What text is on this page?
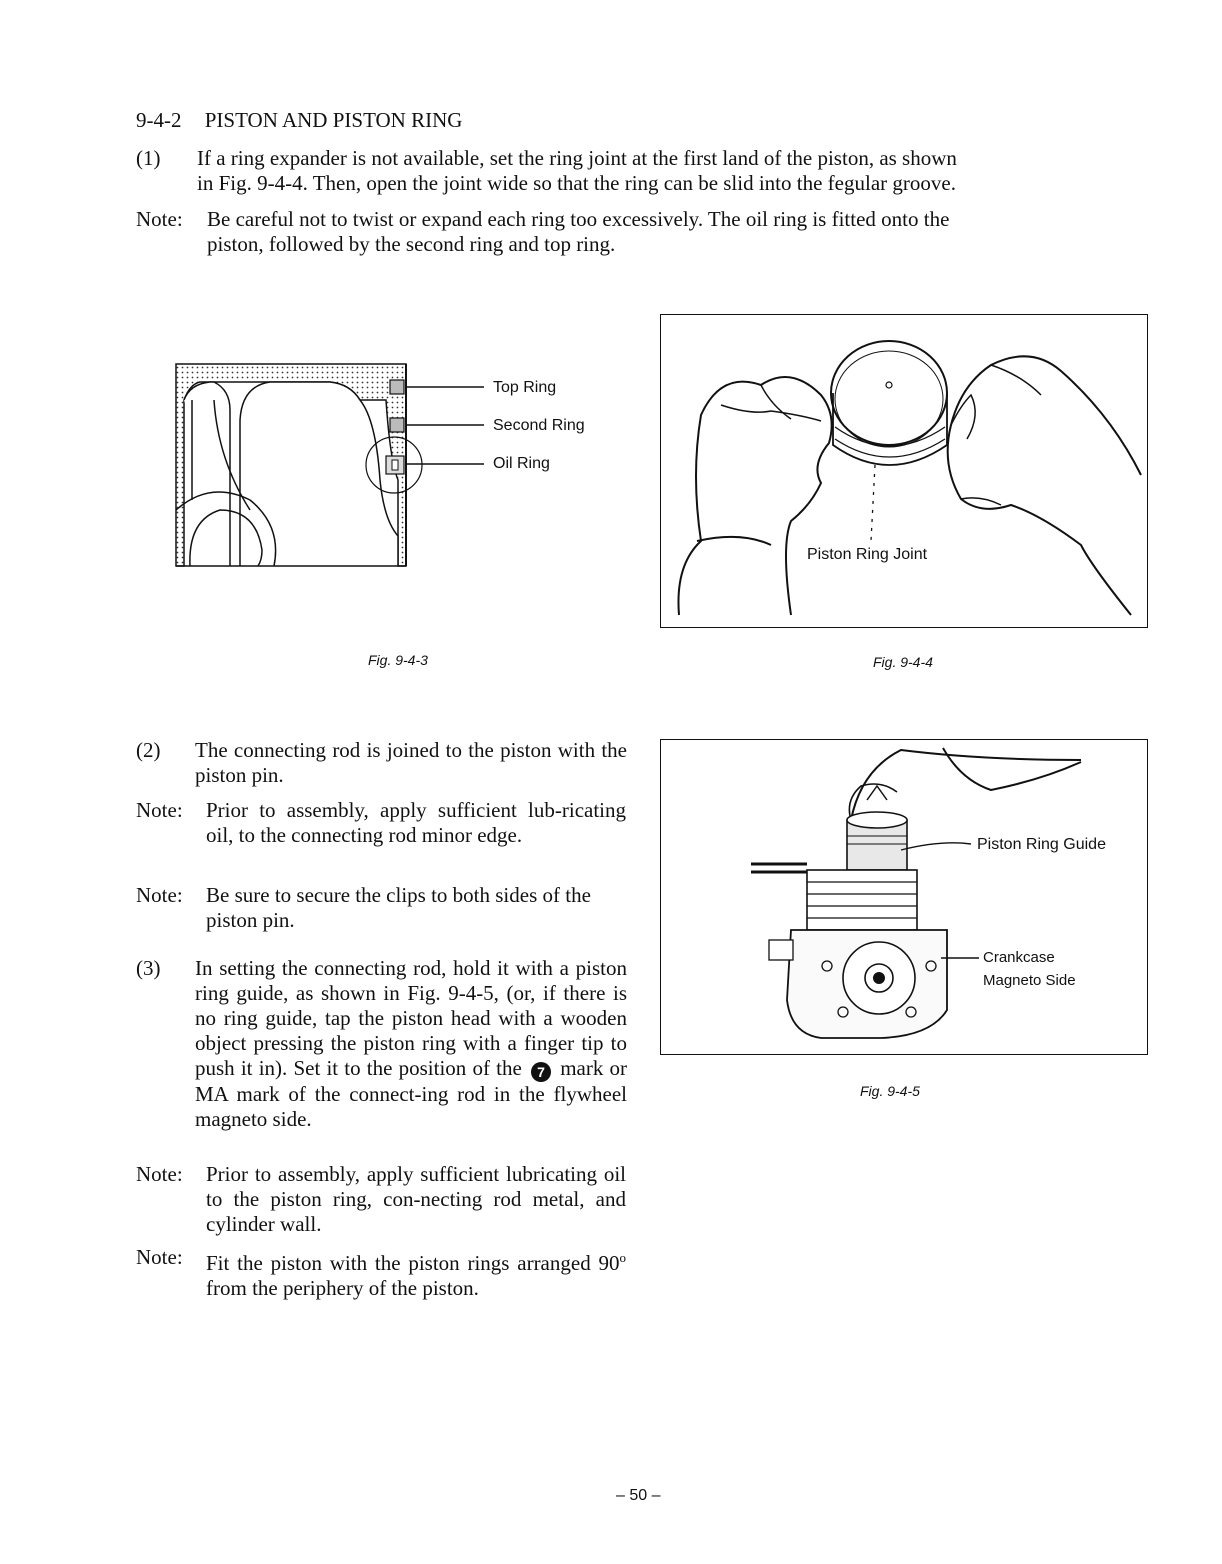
9-4-2 PISTON AND PISTON RING
(1) If a ring expander is not available, set the ring joint at the first land of the piston, as shown
in Fig. 9-4-4. Then, open the joint wide so that the ring can be slid into the fegular groove.
Note: Be careful not to twist or expand each ring too excessively. The oil ring is fitted onto the
piston, followed by the second ring and top ring.
Top Ring
Second Ring
Oil Ring
Fig. 9-4-3
Piston Ring Joint
Fig. 9-4-4
(2) The connecting rod is joined to the piston with the piston pin.
Note: Prior to assembly, apply sufficient lub-ricating oil, to the connecting rod minor edge.
Note: Be sure to secure the clips to both sides of the piston pin.
(3) In setting the connecting rod, hold it with a piston ring guide, as shown in Fig. 9-4-5, (or, if there is no ring guide, tap the piston head with a wooden object pressing the piston ring with a finger tip to push it in). Set it to the position of the 7 mark or MA mark of the connect-ing rod in the flywheel magneto side.
Note: Prior to assembly, apply sufficient lubricating oil to the piston ring, con-necting rod metal, and cylinder wall.
Note: Fit the piston with the piston rings arranged 90$^o$ from the periphery of the piston.
Piston Ring Guide
Crankcase
Magneto Side
Fig. 9-4-5
– 50 –
